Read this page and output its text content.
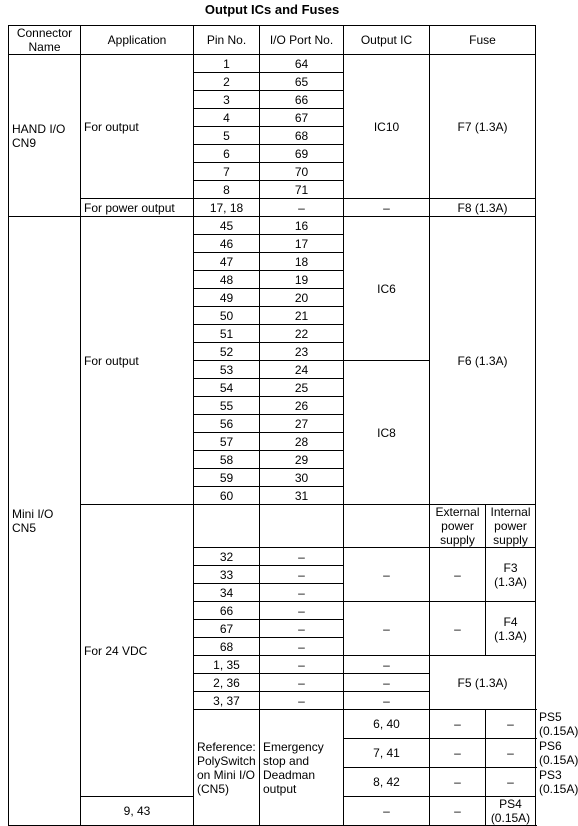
Output ICs and Fuses
Connector Name	Application	Pin No.	I/O Port No.	Output IC	Fuse		
HAND I/O CN9	For output	1	64	IC10	F7 (1.3A)		
		2	65				
		3	66				
		4	67				
		5	68				
		6	69				
		7	70				
		8	71				
	For power output	17, 18	–	–	F8 (1.3A)		
Mini I/O CN5	For output	45	16	IC6	F6 (1.3A)		
		46	17				
		47	18				
		48	19				
		49	20				
		50	21				
		51	22				
		52	23				
		53	24	IC8			
		54	25				
		55	26				
		56	27				
		57	28				
		58	29				
		59	30				
		60	31				
	For 24 VDC				External power supply	Internal power supply	
		32	–	–	–	F3 (1.3A)	
		33	–				
		34	–				
		66	–	–	–	F4 (1.3A)	
		67	–				
		68	–				
		1, 35	–	–	F5 (1.3A)		
		2, 36	–	–			
		3, 37	–	–			
		Reference: PolySwitch on Mini I/O (CN5)	Emergency stop and Deadman output	6, 40	–	–	PS5 (0.15A)
				7, 41	–	–	PS6 (0.15A)
				8, 42	–	–	PS3 (0.15A)
	9, 43			–	–	PS4 (0.15A)	
